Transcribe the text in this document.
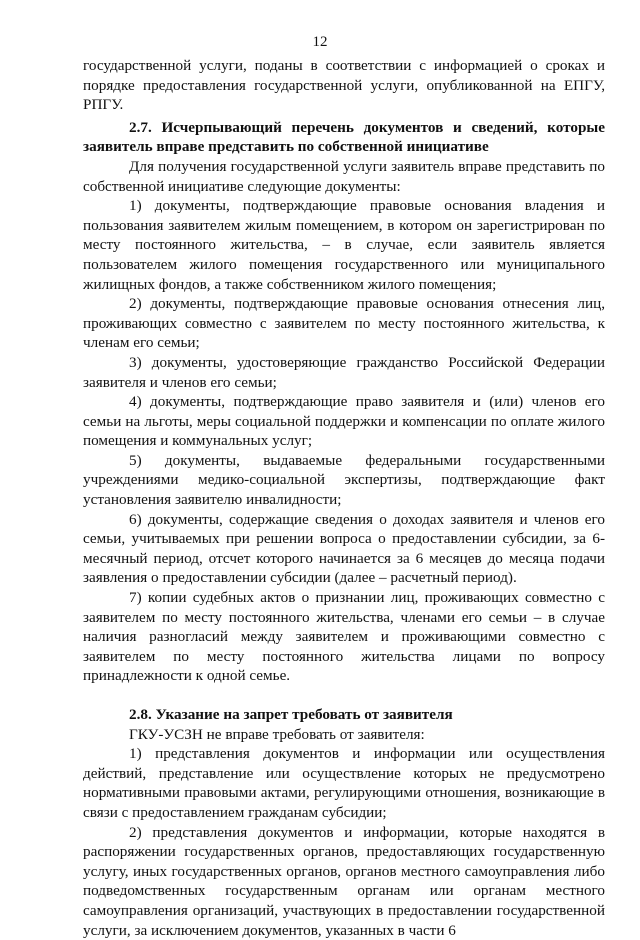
12

государственной услуги, поданы в соответствии с информацией о сроках и порядке предоставления государственной услуги, опубликованной на ЕПГУ, РПГУ.

2.7. Исчерпывающий перечень документов и сведений, которые заявитель вправе представить по собственной инициативе

Для получения государственной услуги заявитель вправе представить по собственной инициативе следующие документы:

1) документы, подтверждающие правовые основания владения и пользования заявителем жилым помещением, в котором он зарегистрирован по месту постоянного жительства, – в случае, если заявитель является пользователем жилого помещения государственного или муниципального жилищных фондов, а также собственником жилого помещения;

2) документы, подтверждающие правовые основания отнесения лиц, проживающих совместно с заявителем по месту постоянного жительства, к членам его семьи;

3) документы, удостоверяющие гражданство Российской Федерации заявителя и членов его семьи;

4) документы, подтверждающие право заявителя и (или) членов его семьи на льготы, меры социальной поддержки и компенсации по оплате жилого помещения и коммунальных услуг;

5) документы, выдаваемые федеральными государственными учреждениями медико-социальной экспертизы, подтверждающие факт установления заявителю инвалидности;

6) документы, содержащие сведения о доходах заявителя и членов его семьи, учитываемых при решении вопроса о предоставлении субсидии, за 6-месячный период, отсчет которого начинается за 6 месяцев до месяца подачи заявления о предоставлении субсидии (далее – расчетный период).

7) копии судебных актов о признании лиц, проживающих совместно с заявителем по месту постоянного жительства, членами его семьи – в случае наличия разногласий между заявителем и проживающими совместно с заявителем по месту постоянного жительства лицами по вопросу принадлежности к одной семье.

2.8. Указание на запрет требовать от заявителя

ГКУ-УСЗН не вправе требовать от заявителя:

1) представления документов и информации или осуществления действий, представление или осуществление которых не предусмотрено нормативными правовыми актами, регулирующими отношения, возникающие в связи с предоставлением гражданам субсидии;

2) представления документов и информации, которые находятся в распоряжении государственных органов, предоставляющих государственную услугу, иных государственных органов, органов местного самоуправления либо подведомственных государственным органам или органам местного самоуправления организаций, участвующих в предоставлении государственной услуги, за исключением документов, указанных в части 6
